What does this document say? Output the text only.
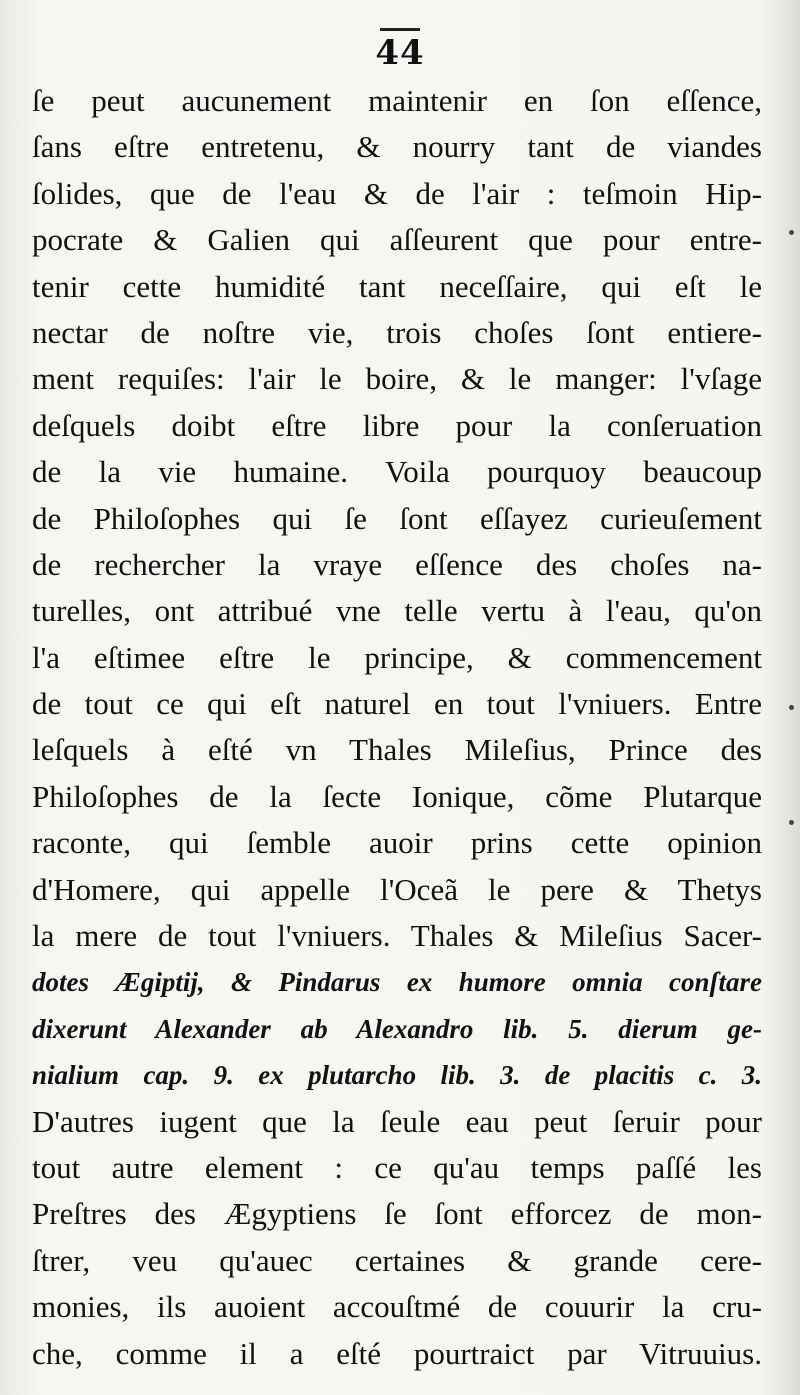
44
ſe peut aucunement maintenir en ſon eſſence,
ſans eſtre entretenu, & nourry tant de viandes
ſolides, que de l'eau & de l'air : teſmoin Hip-
pocrate & Galien qui aſſeurent que pour entre-
tenir cette humidité tant neceſſaire, qui eſt le
nectar de noſtre vie, trois choſes ſont entiere-
ment requiſes: l'air le boire, & le manger: l'vſage
deſquels doibt eſtre libre pour la conſeruation
de la vie humaine. Voila pourquoy beaucoup
de Philoſophes qui ſe ſont eſſayez curieuſement
de rechercher la vraye eſſence des choſes na-
turelles, ont attribué vne telle vertu à l'eau, qu'on
l'a eſtimee eſtre le principe, & commencement
de tout ce qui eſt naturel en tout l'vniuers. Entre
leſquels à eſté vn Thales Mileſius, Prince des
Philoſophes de la ſecte Ionique, cõme Plutarque
raconte, qui ſemble auoir prins cette opinion
d'Homere, qui appelle l'Oceã le pere & Thetys
la mere de tout l'vniuers. Thales & Mileſius Sacer-
dotes Ægiptij, & Pindarus ex humore omnia conſtare
dixerunt Alexander ab Alexandro lib. 5. dierum ge-
nialium cap. 9. ex plutarcho lib. 3. de placitis c. 3.
D'autres iugent que la ſeule eau peut ſeruir pour
tout autre element : ce qu'au temps paſſé les
Preſtres des Ægyptiens ſe ſont efforcez de mon-
ſtrer, veu qu'auec certaines & grande cere-
monies, ils auoient accouſtmé de couurir la cru-
che, comme il a eſté pourtraict par Vitruuius.
